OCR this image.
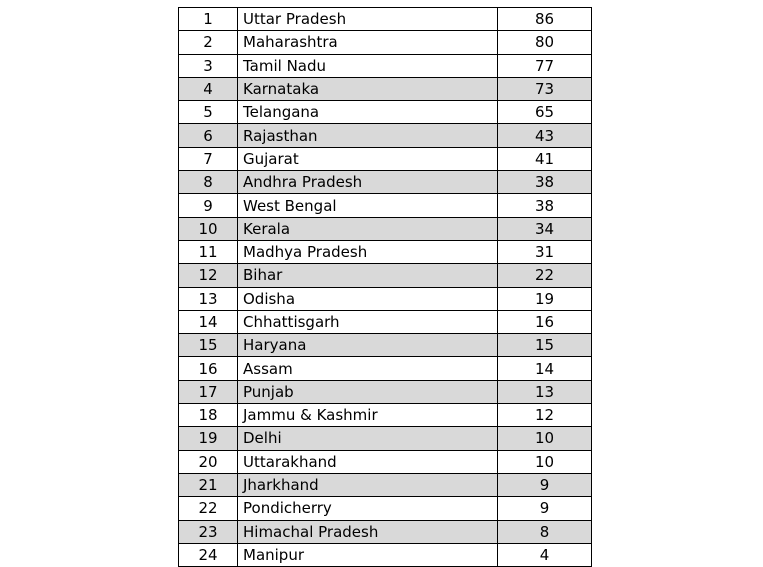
1	Uttar Pradesh	86
2	Maharashtra	80
3	Tamil Nadu	77
4	Karnataka	73
5	Telangana	65
6	Rajasthan	43
7	Gujarat	41
8	Andhra Pradesh	38
9	West Bengal	38
10	Kerala	34
11	Madhya Pradesh	31
12	Bihar	22
13	Odisha	19
14	Chhattisgarh	16
15	Haryana	15
16	Assam	14
17	Punjab	13
18	Jammu & Kashmir	12
19	Delhi	10
20	Uttarakhand	10
21	Jharkhand	9
22	Pondicherry	9
23	Himachal Pradesh	8
24	Manipur	4
